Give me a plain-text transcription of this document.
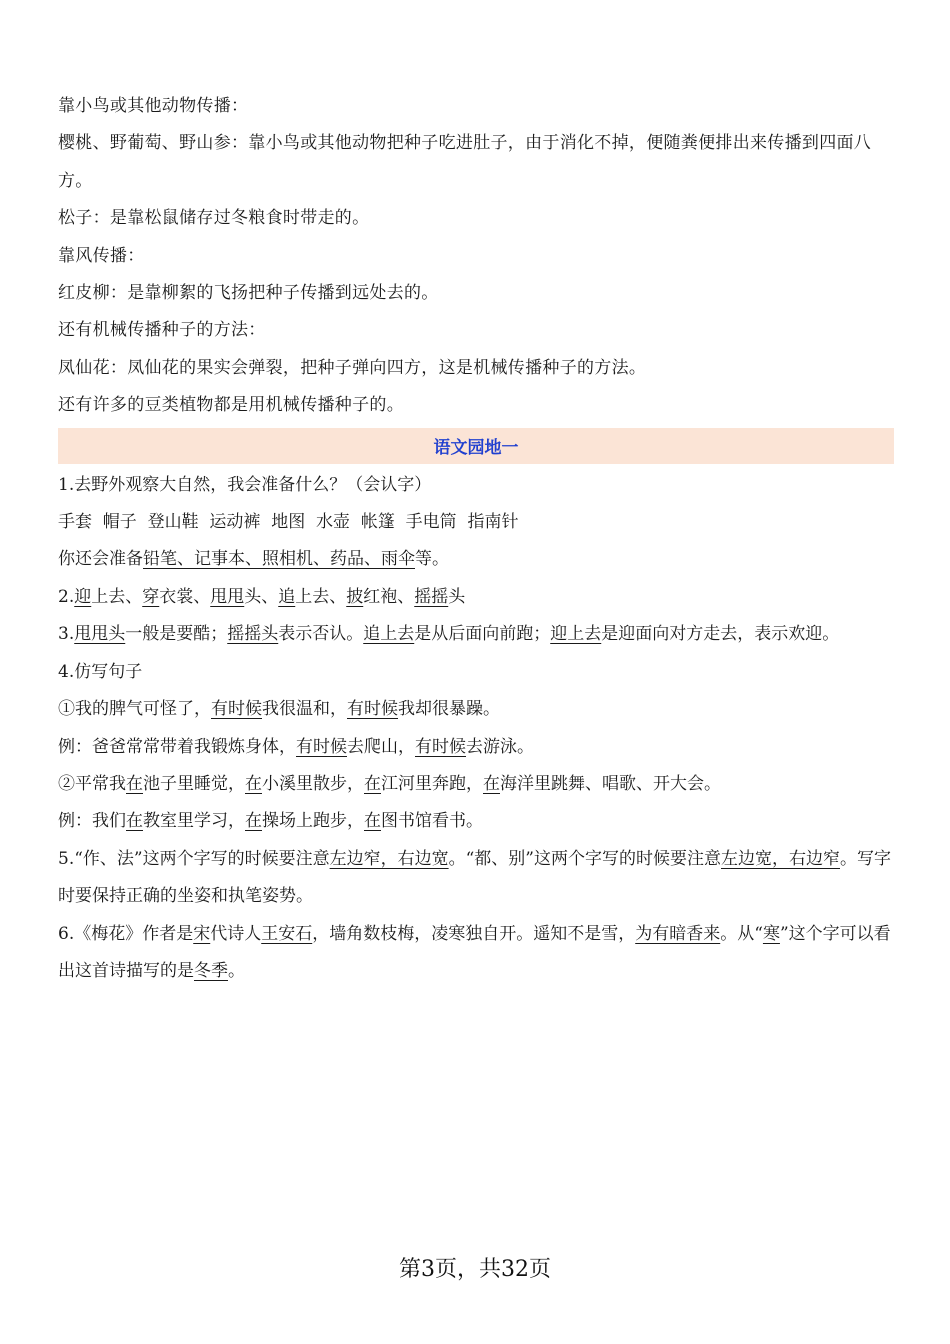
靠小鸟或其他动物传播：

樱桃、野葡萄、野山参：靠小鸟或其他动物把种子吃进肚子，由于消化不掉，便随粪便排出来传播到四面八方。

松子：是靠松鼠储存过冬粮食时带走的。

靠风传播：

红皮柳：是靠柳絮的飞扬把种子传播到远处去的。

还有机械传播种子的方法：

凤仙花：凤仙花的果实会弹裂，把种子弹向四方，这是机械传播种子的方法。

还有许多的豆类植物都是用机械传播种子的。

语文园地一

1.去野外观察大自然，我会准备什么？（会认字）

手套  帽子  登山鞋  运动裤  地图  水壶  帐篷  手电筒  指南针

你还会准备铅笔、记事本、照相机、药品、雨伞等。

2.迎上去、穿衣裳、甩甩头、追上去、披红袍、摇摇头

3.甩甩头一般是要酷；摇摇头表示否认。追上去是从后面向前跑；迎上去是迎面向对方走去，表示欢迎。

4.仿写句子

①我的脾气可怪了，有时候我很温和，有时候我却很暴躁。

例：爸爸常常带着我锻炼身体，有时候去爬山，有时候去游泳。

②平常我在池子里睡觉，在小溪里散步，在江河里奔跑，在海洋里跳舞、唱歌、开大会。

例：我们在教室里学习，在操场上跑步，在图书馆看书。

5.“作、法”这两个字写的时候要注意左边窄，右边宽。“都、别”这两个字写的时候要注意左边宽，右边窄。写字时要保持正确的坐姿和执笔姿势。

6.《梅花》作者是宋代诗人王安石，墙角数枝梅，凌寒独自开。遥知不是雪，为有暗香来。从“寒”这个字可以看出这首诗描写的是冬季。

第3页，共32页
